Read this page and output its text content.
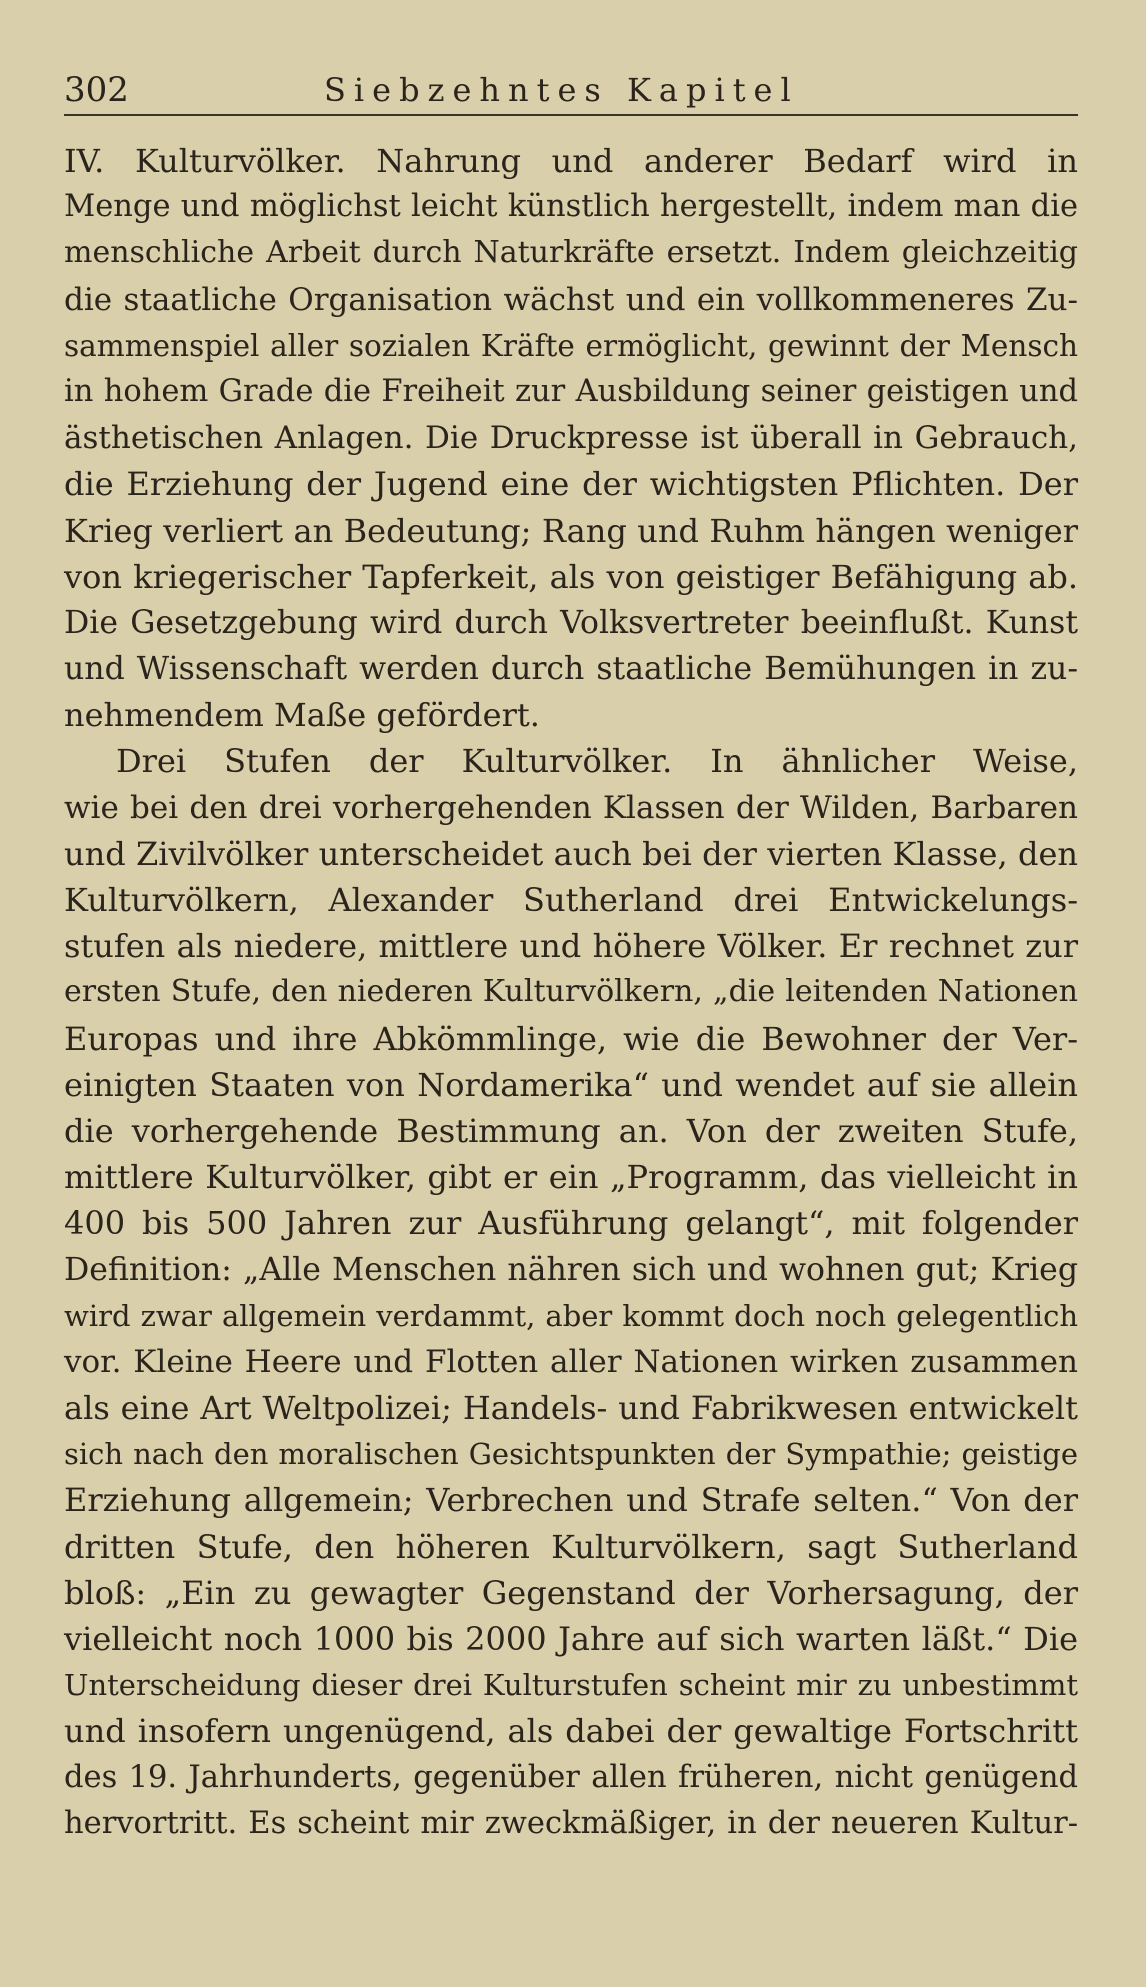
302	Siebzehntes Kapitel
IV. Kulturvölker. Nahrung und anderer Bedarf wird in
Menge und möglichst leicht künstlich hergestellt, indem man die
menschliche Arbeit durch Naturkräfte ersetzt. Indem gleichzeitig
die staatliche Organisation wächst und ein vollkommeneres Zu-
sammenspiel aller sozialen Kräfte ermöglicht, gewinnt der Mensch
in hohem Grade die Freiheit zur Ausbildung seiner geistigen und
ästhetischen Anlagen. Die Druckpresse ist überall in Gebrauch,
die Erziehung der Jugend eine der wichtigsten Pflichten. Der
Krieg verliert an Bedeutung; Rang und Ruhm hängen weniger
von kriegerischer Tapferkeit, als von geistiger Befähigung ab.
Die Gesetzgebung wird durch Volksvertreter beeinflußt. Kunst
und Wissenschaft werden durch staatliche Bemühungen in zu-
nehmendem Maße gefördert.
Drei Stufen der Kulturvölker. In ähnlicher Weise,
wie bei den drei vorhergehenden Klassen der Wilden, Barbaren
und Zivilvölker unterscheidet auch bei der vierten Klasse, den
Kulturvölkern, Alexander Sutherland drei Entwickelungs-
stufen als niedere, mittlere und höhere Völker. Er rechnet zur
ersten Stufe, den niederen Kulturvölkern, „die leitenden Nationen
Europas und ihre Abkömmlinge, wie die Bewohner der Ver-
einigten Staaten von Nordamerika“ und wendet auf sie allein
die vorhergehende Bestimmung an. Von der zweiten Stufe,
mittlere Kulturvölker, gibt er ein „Programm, das vielleicht in
400 bis 500 Jahren zur Ausführung gelangt“, mit folgender
Definition: „Alle Menschen nähren sich und wohnen gut; Krieg
wird zwar allgemein verdammt, aber kommt doch noch gelegentlich
vor. Kleine Heere und Flotten aller Nationen wirken zusammen
als eine Art Weltpolizei; Handels- und Fabrikwesen entwickelt
sich nach den moralischen Gesichtspunkten der Sympathie; geistige
Erziehung allgemein; Verbrechen und Strafe selten.“ Von der
dritten Stufe, den höheren Kulturvölkern, sagt Sutherland
bloß: „Ein zu gewagter Gegenstand der Vorhersagung, der
vielleicht noch 1000 bis 2000 Jahre auf sich warten läßt.“ Die
Unterscheidung dieser drei Kulturstufen scheint mir zu unbestimmt
und insofern ungenügend, als dabei der gewaltige Fortschritt
des 19. Jahrhunderts, gegenüber allen früheren, nicht genügend
hervortritt. Es scheint mir zweckmäßiger, in der neueren Kultur-
